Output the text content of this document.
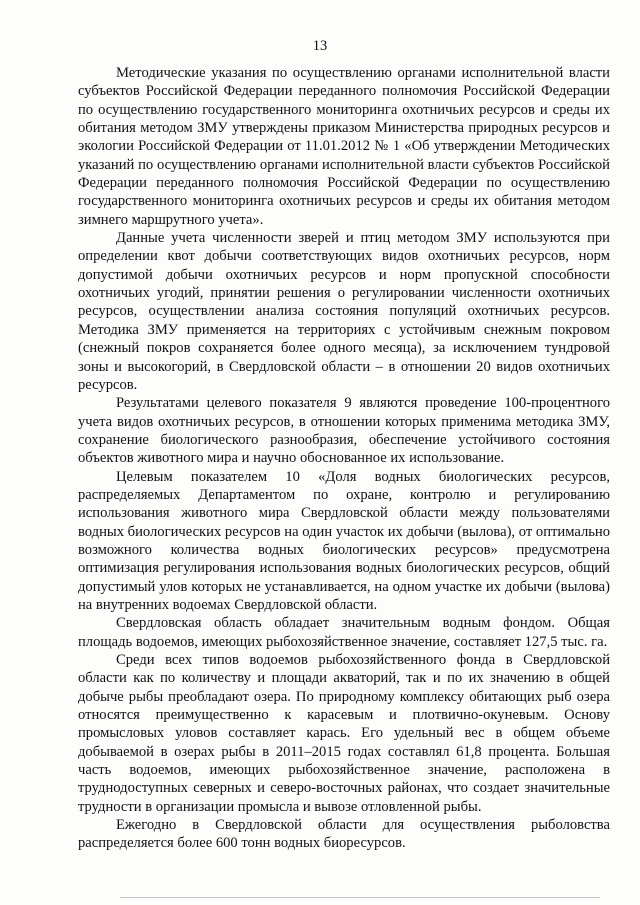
13

Методические указания по осуществлению органами исполнительной власти субъектов Российской Федерации переданного полномочия Российской Федерации по осуществлению государственного мониторинга охотничьих ресурсов и среды их обитания методом ЗМУ утверждены приказом Министерства природных ресурсов и экологии Российской Федерации от 11.01.2012 № 1 «Об утверждении Методических указаний по осуществлению органами исполнительной власти субъектов Российской Федерации переданного полномочия Российской Федерации по осуществлению государственного мониторинга охотничьих ресурсов и среды их обитания методом зимнего маршрутного учета».

Данные учета численности зверей и птиц методом ЗМУ используются при определении квот добычи соответствующих видов охотничьих ресурсов, норм допустимой добычи охотничьих ресурсов и норм пропускной способности охотничьих угодий, принятии решения о регулировании численности охотничьих ресурсов, осуществлении анализа состояния популяций охотничьих ресурсов. Методика ЗМУ применяется на территориях с устойчивым снежным покровом (снежный покров сохраняется более одного месяца), за исключением тундровой зоны и высокогорий, в Свердловской области – в отношении 20 видов охотничьих ресурсов.

Результатами целевого показателя 9 являются проведение 100-процентного учета видов охотничьих ресурсов, в отношении которых применима методика ЗМУ, сохранение биологического разнообразия, обеспечение устойчивого состояния объектов животного мира и научно обоснованное их использование.

Целевым показателем 10 «Доля водных биологических ресурсов, распределяемых Департаментом по охране, контролю и регулированию использования животного мира Свердловской области между пользователями водных биологических ресурсов на один участок их добычи (вылова), от оптимально возможного количества водных биологических ресурсов» предусмотрена оптимизация регулирования использования водных биологических ресурсов, общий допустимый улов которых не устанавливается, на одном участке их добычи (вылова) на внутренних водоемах Свердловской области.

Свердловская область обладает значительным водным фондом. Общая площадь водоемов, имеющих рыбохозяйственное значение, составляет 127,5 тыс. га.

Среди всех типов водоемов рыбохозяйственного фонда в Свердловской области как по количеству и площади акваторий, так и по их значению в общей добыче рыбы преобладают озера. По природному комплексу обитающих рыб озера относятся преимущественно к карасевым и плотвично-окуневым. Основу промысловых уловов составляет карась. Его удельный вес в общем объеме добываемой в озерах рыбы в 2011–2015 годах составлял 61,8 процента. Большая часть водоемов, имеющих рыбохозяйственное значение, расположена в труднодоступных северных и северо-восточных районах, что создает значительные трудности в организации промысла и вывозе отловленной рыбы.

Ежегодно в Свердловской области для осуществления рыболовства распределяется более 600 тонн водных биоресурсов.
